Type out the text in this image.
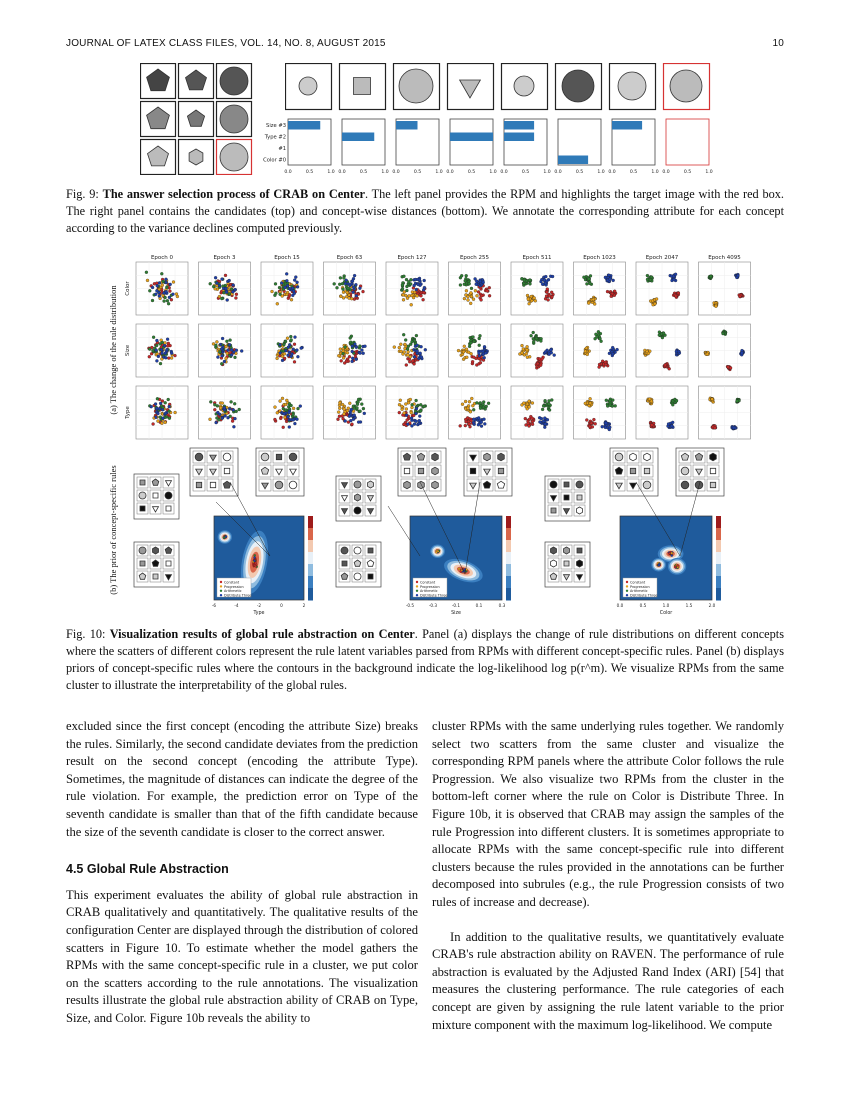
JOURNAL OF LATEX CLASS FILES, VOL. 14, NO. 8, AUGUST 2015	10
Size #3
Type #2
#1
Color #0
0.0	0.5	1.0 0.0	0.5	1.0 0.0	0.5	1.0 0.0	0.5	1.0 0.0	0.5	1.0 0.0	0.5	1.0 0.0	0.5	1.0 0.0	0.5	1.0
Fig. 9: The answer selection process of CRAB on Center. The left panel provides the RPM and highlights the target image with the red box. The right panel contains the candidates (top) and concept-wise distances (bottom). We annotate the corresponding attribute for each concept according to the variance declines computed previously.
(a) The change of the rule distribution
Epoch 0	Epoch 3	Epoch 15	Epoch 63	Epoch 127	Epoch 255	Epoch 511	Epoch 1023	Epoch 2047	Epoch 4095
Color
Size
Type
(b) The prior of concept-specific rules	Constant
Progression
Arithmetic
Distribute Three
Type
-6	-4	-2	0	2
Constant
Progression
Arithmetic
Distribute Three
Size
-0.5	-0.3	-0.1	0.1	0.3
Constant
Progression
Arithmetic
Distribute Three
Color
0.0	0.5	1.0	1.5	2.0
Fig. 10: Visualization results of global rule abstraction on Center. Panel (a) displays the change of rule distributions on different concepts where the scatters of different colors represent the rule latent variables parsed from RPMs with different concept-specific rules. Panel (b) displays priors of concept-specific rules where the contours in the background indicate the log-likelihood log p(r^m). We visualize RPMs from the same cluster to illustrate the interpretability of the global rules.

excluded since the first concept (encoding the attribute Size) breaks the rules. Similarly, the second candidate deviates from the prediction result on the second concept (encoding the attribute Type). Sometimes, the magnitude of distances can indicate the degree of the rule violation. For example, the prediction error on Type of the seventh candidate is smaller than that of the fifth candidate because the size of the seventh candidate is closer to the correct answer.

4.5 Global Rule Abstraction

This experiment evaluates the ability of global rule abstraction in CRAB qualitatively and quantitatively. The qualitative results of the configuration Center are displayed through the distribution of colored scatters in Figure 10. To estimate whether the model gathers the RPMs with the same concept-specific rule in a cluster, we put color on the scatters according to the rule annotations. The visualization results illustrate the global rule abstraction ability of CRAB on Type, Size, and Color. Figure 10b reveals the ability to

cluster RPMs with the same underlying rules together. We randomly select two scatters from the same cluster and visualize the corresponding RPM panels where the attribute Color follows the rule Progression. We also visualize two RPMs from the cluster in the bottom-left corner where the rule on Color is Distribute Three. In Figure 10b, it is observed that CRAB may assign the samples of the rule Progression into different clusters. It is sometimes appropriate to allocate RPMs with the same concept-specific rule into different clusters because the rules provided in the annotations can be further decomposed into subrules (e.g., the rule Progression consists of two rules of increase and decrease).

In addition to the qualitative results, we quantitatively evaluate CRAB's rule abstraction ability on RAVEN. The performance of rule abstraction is evaluated by the Adjusted Rand Index (ARI) [54] that measures the clustering performance. The rule categories of each concept are given by assigning the rule latent variable to the prior mixture component with the maximum log-likelihood. We compute
